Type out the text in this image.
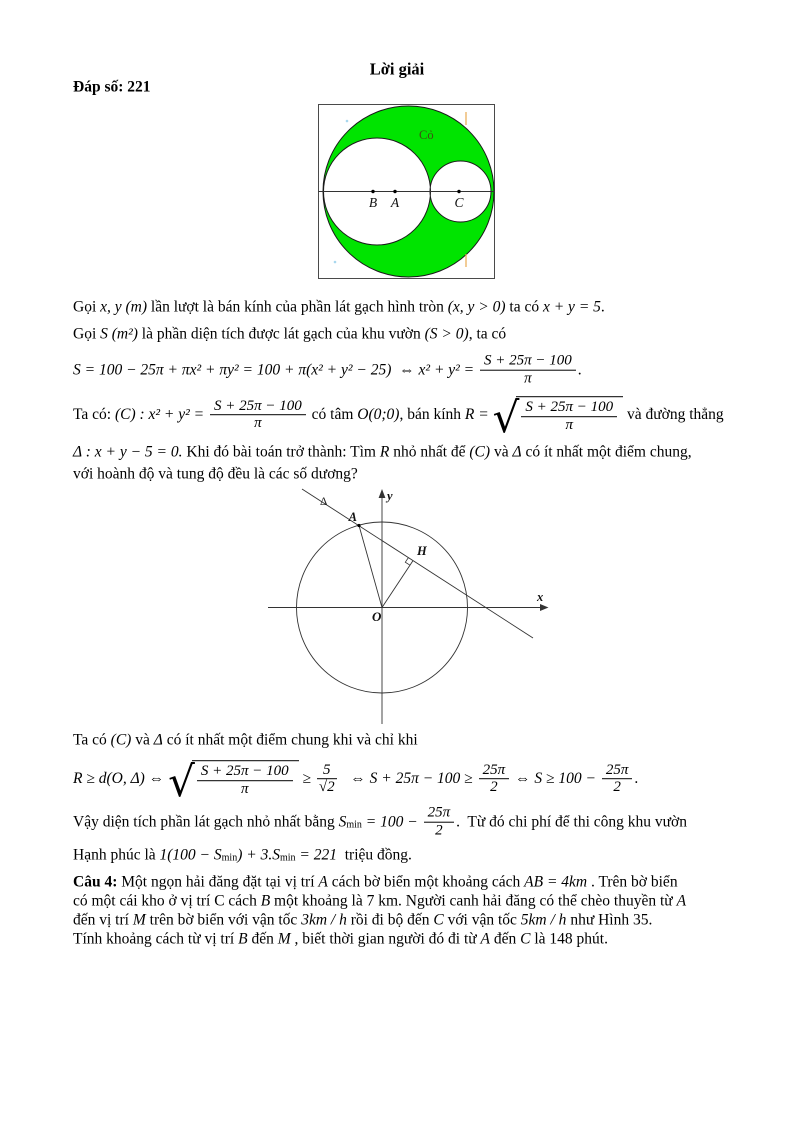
Lời giải
Đáp số: 221
B A	C
Cỏ
Gọi x, y (m) lần lượt là bán kính của phần lát gạch hình tròn (x, y > 0) ta có x + y = 5 .
Gọi S (m²) là phần diện tích được lát gạch của khu vườn (S > 0) , ta có
S = 100 − 25π + πx² + πy² = 100 + π(x² + y² − 25)  ⇔ $x^2 + y^2 = \frac{S + 25\pi - 100}{\pi}$ .
Ta có: (C) : $x^2 + y^2 = \frac{S + 25\pi - 100}{\pi}$ có tâm O(0;0) , bán kính R = √ $\frac{S + 25\pi - 100}{\pi}$ và đường thẳng
Δ : x + y − 5 = 0. Khi đó bài toán trở thành: Tìm R nhỏ nhất để (C) và Δ có ít nhất một điểm chung,
với hoành độ và tung độ đều là các số dương?
y
x
O
A
H
Δ
Ta có (C) và Δ có ít nhất một điểm chung khi và chỉ khi
R ≥ d(O, Δ) ⇔ √ $\frac{S + 25\pi - 100}{\pi} \ge \frac{5}{√2}$ ⇔ $S + 25\pi - 100 \ge \frac{25\pi}{2}$ ⇔ $S \ge 100 - \frac{25\pi}{2}$ .
Vậy diện tích phần lát gạch nhỏ nhất bằng S $\min = 100 - \frac{25\pi}{2}$ .  Từ đó chi phí để thi công khu vườn
Hạnh phúc là 1(100 − S min ) + 3.S min = 221 triệu đồng.
Câu 4: Một ngọn hải đăng đặt tại vị trí A cách bờ biển một khoảng cách AB = 4km . Trên bờ biển
có một cái kho ở vị trí C cách B một khoảng là 7 km. Người canh hải đăng có thể chèo thuyền từ A
đến vị trí M trên bờ biển với vận tốc 3km / h rồi đi bộ đến C với vận tốc 5km / h như Hình 35.
Tính khoảng cách từ vị trí B đến M , biết thời gian người đó đi từ A đến C là 148 phút.
